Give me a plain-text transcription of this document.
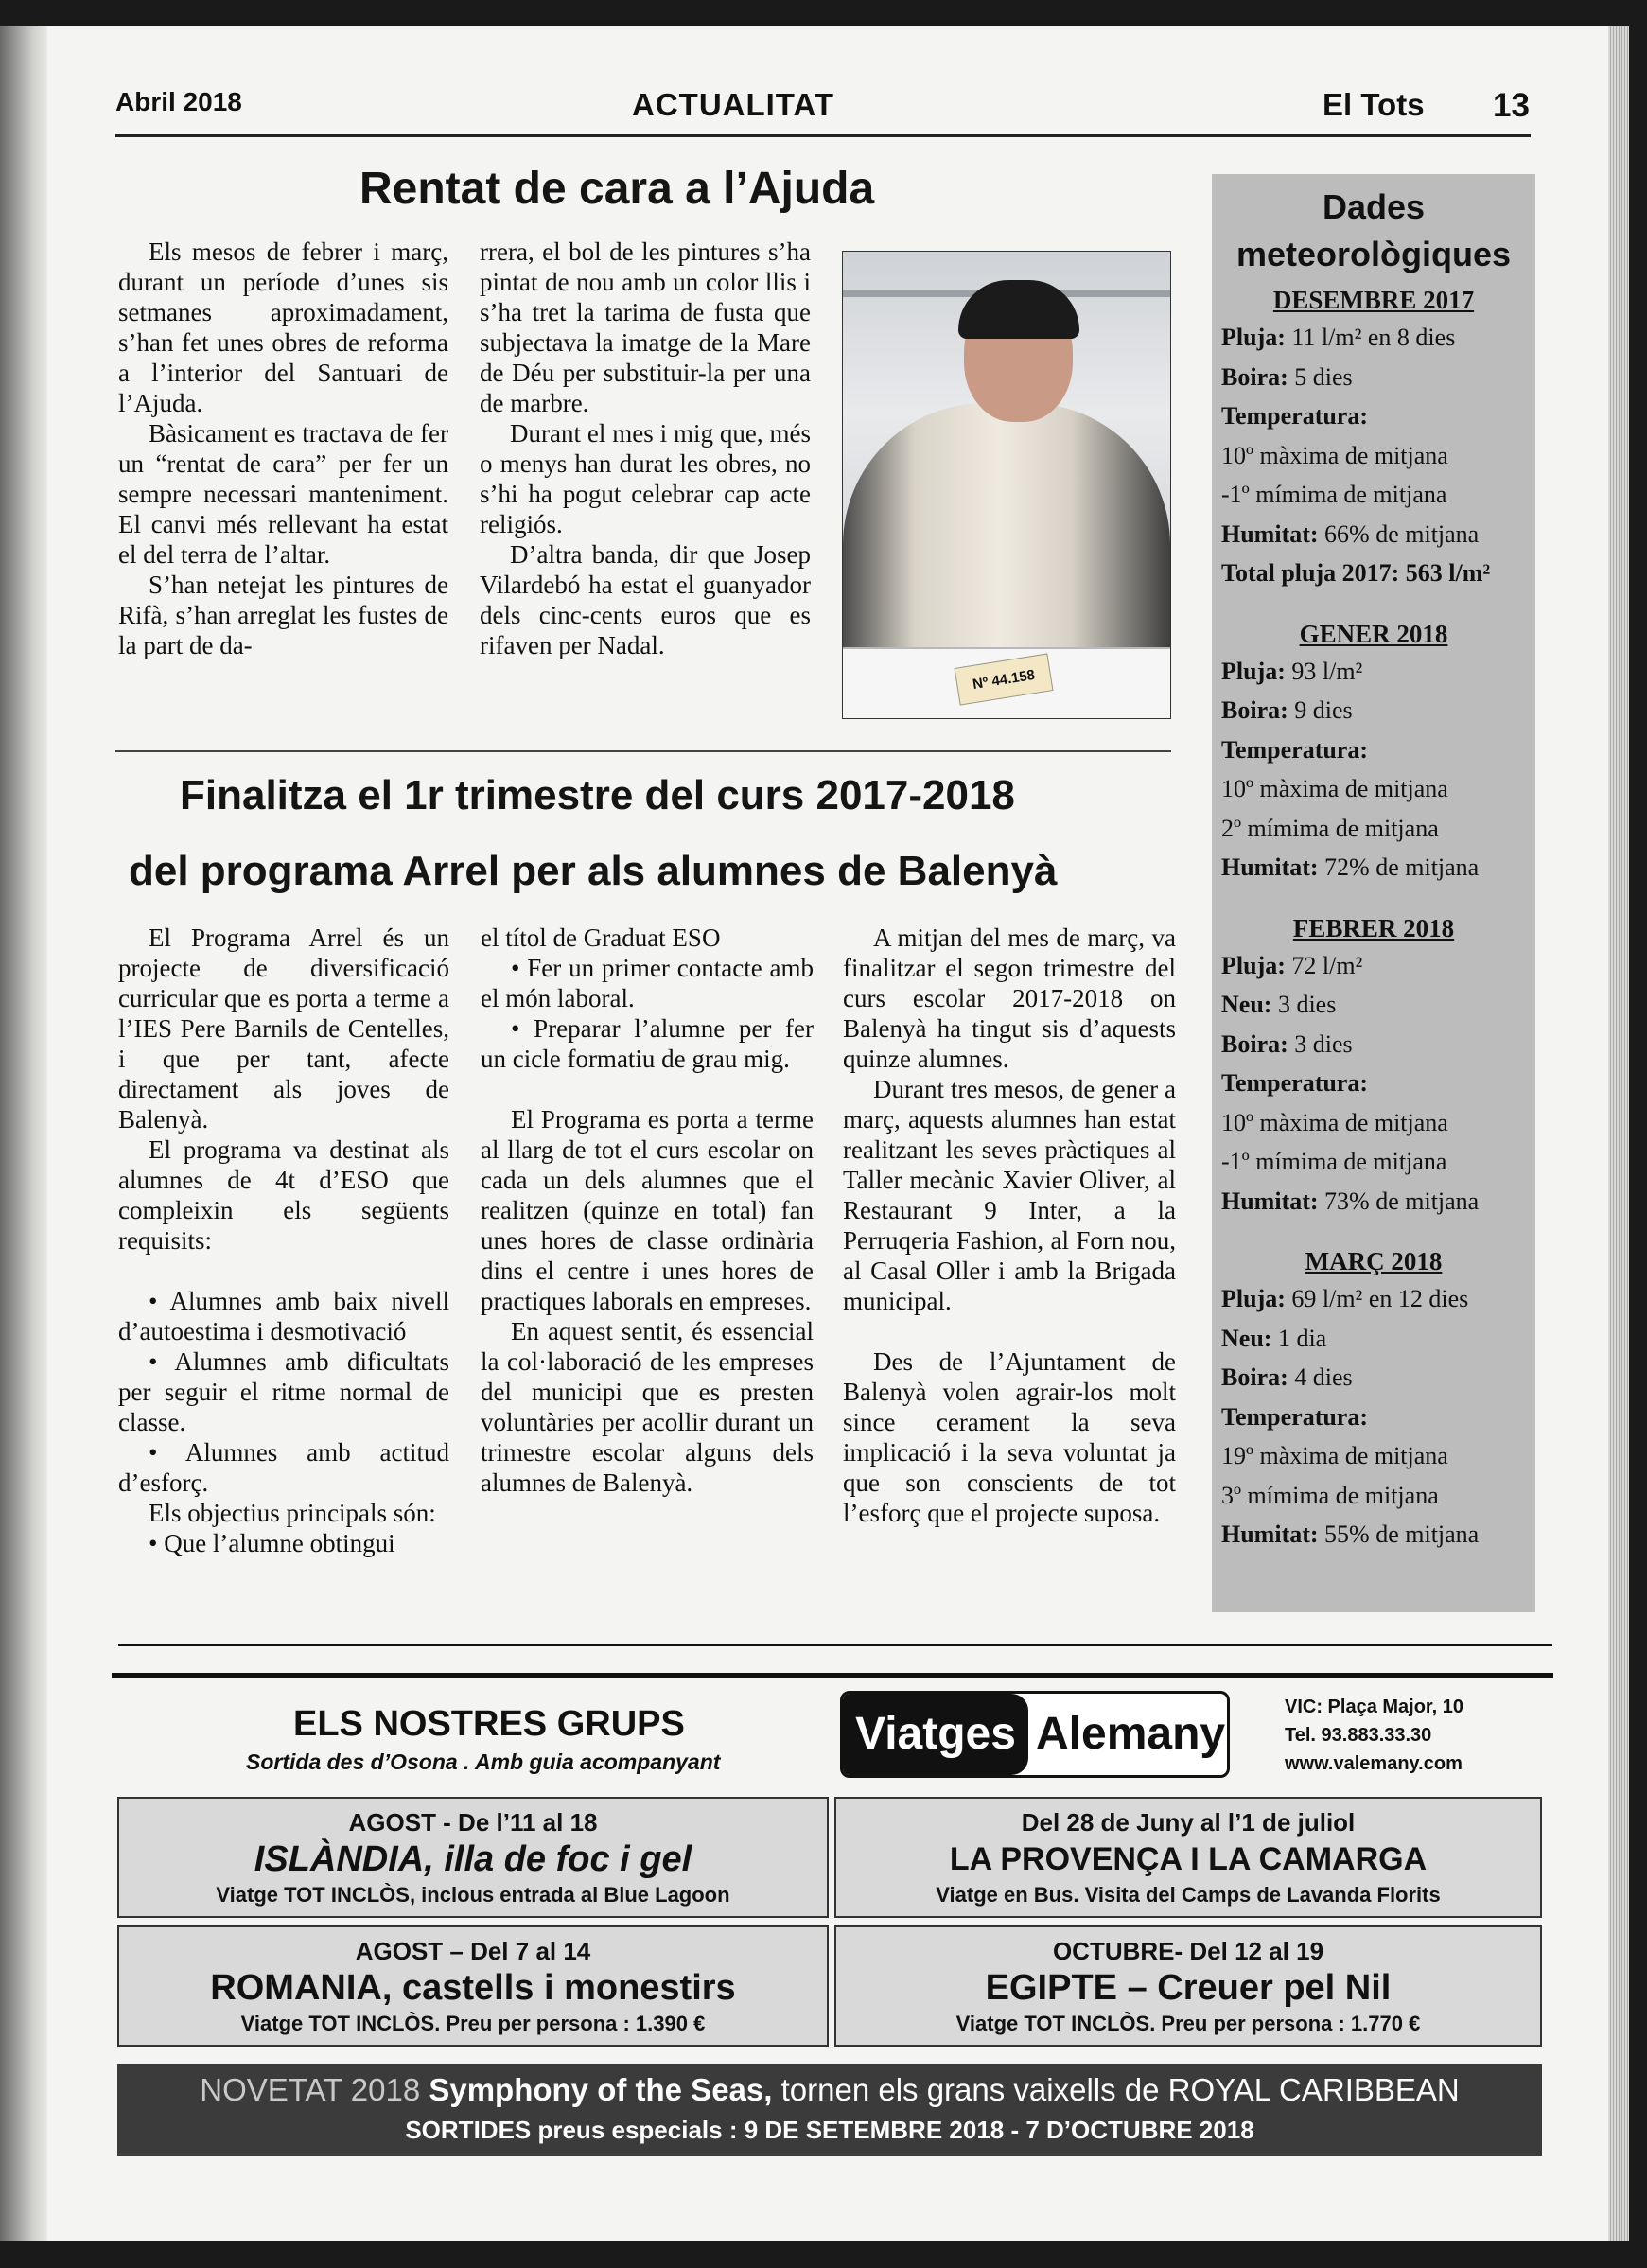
Abril 2018	ACTUALITAT	El Tots 13
Rentat de cara a l’Ajuda

Els mesos de febrer i març, durant un període d’unes sis setmanes aproximadament, s’han fet unes obres de reforma a l’interior del Santuari de l’Ajuda.

Bàsicament es tractava de fer un “rentat de cara” per fer un sempre necessari manteniment. El canvi més rellevant ha estat el del terra de l’altar.

S’han netejat les pintures de Rifà, s’han arreglat les fustes de la part de da-

rrera, el bol de les pintures s’ha pintat de nou amb un color llis i s’ha tret la tarima de fusta que subjectava la imatge de la Mare de Déu per substituir-la per una de marbre.

Durant el mes i mig que, més o menys han durat les obres, no s’hi ha pogut celebrar cap acte religiós.

D’altra banda, dir que Josep Vilardebó ha estat el guanyador dels cinc-cents euros que es rifaven per Nadal.

Nº 44.158
Finalitza el 1r trimestre del curs 2017-2018
del programa Arrel per als alumnes de Balenyà

El Programa Arrel és un projecte de diversificació curricular que es porta a terme a l’IES Pere Barnils de Centelles, i que per tant, afecte directament als joves de Balenyà.

El programa va destinat als alumnes de 4t d’ESO que compleixin els següents requisits:

• Alumnes amb baix nivell d’autoestima i desmotivació

• Alumnes amb dificultats per seguir el ritme normal de classe.

• Alumnes amb actitud d’esforç.

Els objectius principals són:

• Que l’alumne obtingui

el títol de Graduat ESO

• Fer un primer contacte amb el món laboral.

• Preparar l’alumne per fer un cicle formatiu de grau mig.

El Programa es porta a terme al llarg de tot el curs escolar on cada un dels alumnes que el realitzen (quinze en total) fan unes hores de classe ordinària dins el centre i unes hores de practiques laborals en empreses.

En aquest sentit, és essencial la col·laboració de les empreses del municipi que es presten voluntàries per acollir durant un trimestre escolar alguns dels alumnes de Balenyà.

A mitjan del mes de març, va finalitzar el segon trimestre del curs escolar 2017-2018 on Balenyà ha tingut sis d’aquests quinze alumnes.

Durant tres mesos, de gener a març, aquests alumnes han estat realitzant les seves pràctiques al Taller mecànic Xavier Oliver, al Restaurant 9 Inter, a la Perruqeria Fashion, al Forn nou, al Casal Oller i amb la Brigada municipal.

Des de l’Ajuntament de Balenyà volen agrair-los molt since cerament la seva implicació i la seva voluntat ja que son conscients de tot l’esforç que el projecte suposa.

Dades meteorològiques
DESEMBRE 2017
Pluja: 11 l/m² en 8 dies
Boira: 5 dies
Temperatura:
10º màxima de mitjana
-1º mímima de mitjana
Humitat: 66% de mitjana
Total pluja 2017: 563 l/m²
GENER 2018
Pluja: 93 l/m²
Boira: 9 dies
Temperatura:
10º màxima de mitjana
2º mímima de mitjana
Humitat: 72% de mitjana
FEBRER 2018
Pluja: 72 l/m²
Neu: 3 dies
Boira: 3 dies
Temperatura:
10º màxima de mitjana
-1º mímima de mitjana
Humitat: 73% de mitjana
MARÇ 2018
Pluja: 69 l/m² en 12 dies
Neu: 1 dia
Boira: 4 dies
Temperatura:
19º màxima de mitjana
3º mímima de mitjana
Humitat: 55% de mitjana
ELS NOSTRES GRUPS
Sortida des d’Osona . Amb guia acompanyant
Viatges Alemany
VIC: Plaça Major, 10
Tel. 93.883.33.30
www.valemany.com
AGOST - De l’11 al 18
ISLÀNDIA, illa de foc i gel
Viatge TOT INCLÒS, inclous entrada al Blue Lagoon
Del 28 de Juny al l’1 de juliol
LA PROVENÇA I LA CAMARGA
Viatge en Bus. Visita del Camps de Lavanda Florits
AGOST – Del 7 al 14
ROMANIA, castells i monestirs
Viatge TOT INCLÒS. Preu per persona : 1.390 €
OCTUBRE- Del 12 al 19
EGIPTE – Creuer pel Nil
Viatge TOT INCLÒS. Preu per persona : 1.770 €
NOVETAT 2018 Symphony of the Seas, tornen els grans vaixells de ROYAL CARIBBEAN
SORTIDES preus especials : 9 DE SETEMBRE 2018 - 7 D’OCTUBRE 2018
